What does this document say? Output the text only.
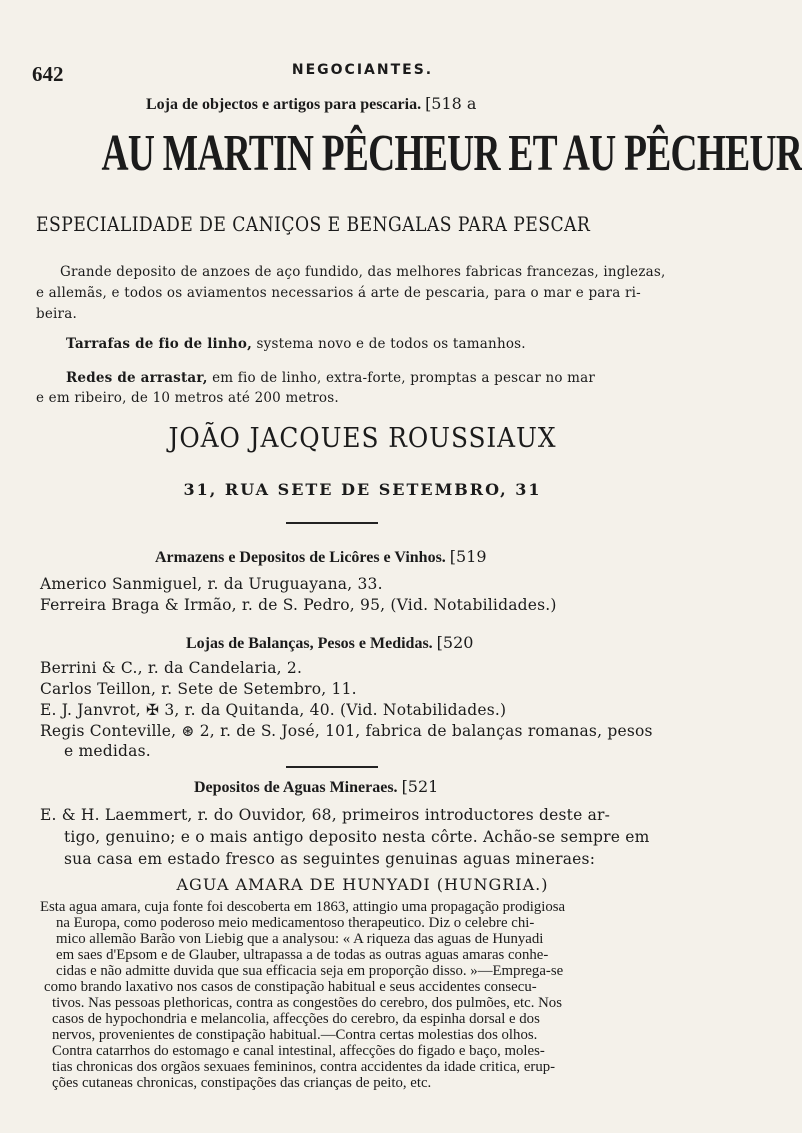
642	NEGOCIANTES.
Loja de objectos e artigos para pescaria. [518 a
AU MARTIN PÊCHEUR ET AU PÊCHEUR
ESPECIALIDADE DE CANIÇOS E BENGALAS PARA PESCAR
Grande deposito de anzoes de aço fundido, das melhores fabricas francezas, inglezas,
e allemãs, e todos os aviamentos necessarios á arte de pescaria, para o mar e para ri-
beira.
Tarrafas de fio de linho, systema novo e de todos os tamanhos.
Redes de arrastar, em fio de linho, extra-forte, promptas a pescar no mar
e em ribeiro, de 10 metros até 200 metros.
JOÃO JACQUES ROUSSIAUX
31, RUA SETE DE SETEMBRO, 31
Armazens e Depositos de Licôres e Vinhos. [519
Americo Sanmiguel, r. da Uruguayana, 33.
Ferreira Braga & Irmão, r. de S. Pedro, 95, (Vid. Notabilidades.)
Lojas de Balanças, Pesos e Medidas. [520
Berrini & C., r. da Candelaria, 2.
Carlos Teillon, r. Sete de Setembro, 11.
E. J. Janvrot, ✠ 3, r. da Quitanda, 40. (Vid. Notabilidades.)
Regis Conteville, ⊛ 2, r. de S. José, 101, fabrica de balanças romanas, pesos
e medidas.
Depositos de Aguas Mineraes. [521
E. & H. Laemmert, r. do Ouvidor, 68, primeiros introductores deste ar-
tigo, genuino; e o mais antigo deposito nesta côrte. Achão-se sempre em
sua casa em estado fresco as seguintes genuinas aguas mineraes:
AGUA AMARA DE HUNYADI (HUNGRIA.)
Esta agua amara, cuja fonte foi descoberta em 1863, attingio uma propagação prodigiosa
na Europa, como poderoso meio medicamentoso therapeutico. Diz o celebre chi-
mico allemão Barão von Liebig que a analysou: « A riqueza das aguas de Hunyadi
em saes d'Epsom e de Glauber, ultrapassa a de todas as outras aguas amaras conhe-
cidas e não admitte duvida que sua efficacia seja em proporção disso. »—Emprega-se
como brando laxativo nos casos de constipação habitual e seus accidentes consecu-
tivos. Nas pessoas plethoricas, contra as congestões do cerebro, dos pulmões, etc. Nos
casos de hypochondria e melancolia, affecções do cerebro, da espinha dorsal e dos
nervos, provenientes de constipação habitual.—Contra certas molestias dos olhos.
Contra catarrhos do estomago e canal intestinal, affecções do figado e baço, moles-
tias chronicas dos orgãos sexuaes femininos, contra accidentes da idade critica, erup-
ções cutaneas chronicas, constipações das crianças de peito, etc.
